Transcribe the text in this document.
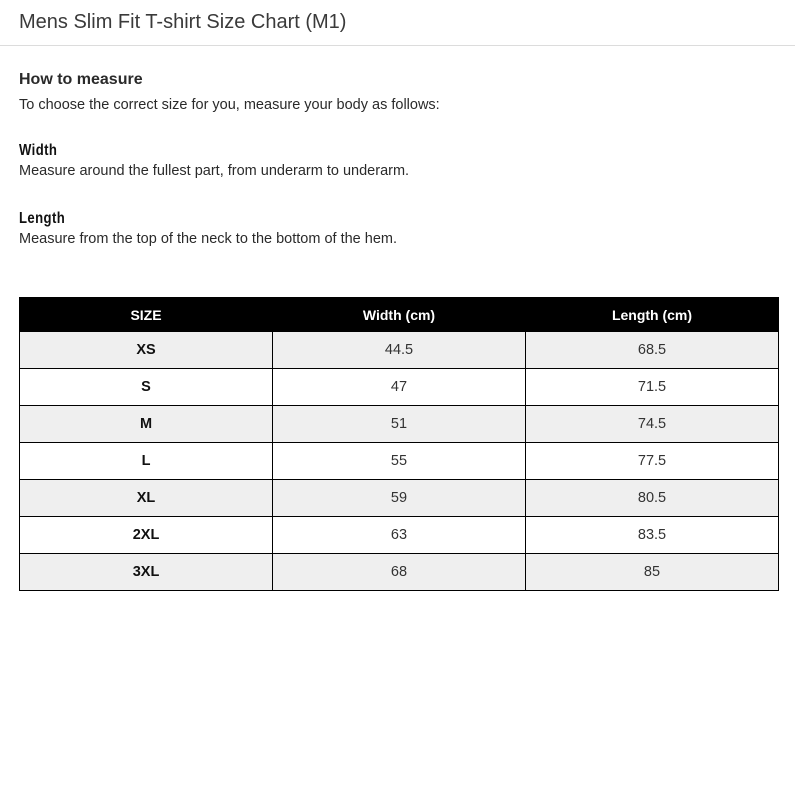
Mens Slim Fit T-shirt Size Chart (M1)
How to measure
To choose the correct size for you, measure your body as follows:
Width
Measure around the fullest part, from underarm to underarm.
Length
Measure from the top of the neck to the bottom of the hem.
SIZE	Width (cm)	Length (cm)
XS	44.5	68.5
S	47	71.5
M	51	74.5
L	55	77.5
XL	59	80.5
2XL	63	83.5
3XL	68	85
